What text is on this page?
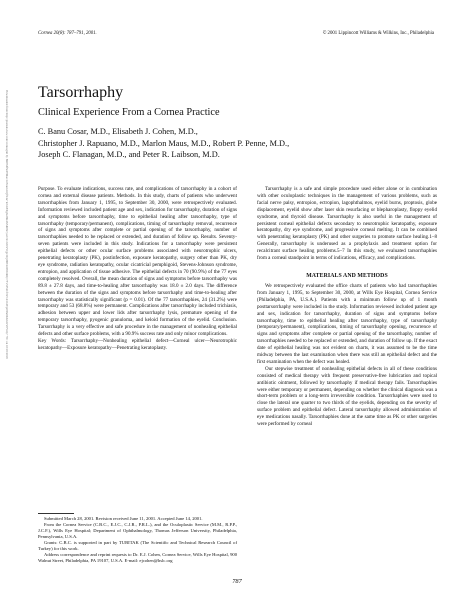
Cornea 20(8): 787–791, 2001.	© 2001 Lippincott Williams & Wilkins, Inc., Philadelphia
Downloaded from http://journals.lww.com/corneajrnl by BhDMf5ePHKav1zEoum1tQfN4a+kJLhEZgbsIHo4XMi0hCywCX1AWnYQp/IlQrHD3i3D0OdRyi7TvSFl4Cf3VC4/OAVpDDa8KKGKV0Ymy+78= on 10/19/2018 Tarsorrhaphy
Clinical Experience From a Cornea Practice
C. Banu Cosar, M.D., Elisabeth J. Cohen, M.D.,
Christopher J. Rapuano, M.D., Marlon Maus, M.D., Robert P. Penne, M.D.,
Joseph C. Flanagan, M.D., and Peter R. Laibson, M.D.

Purpose. To evaluate indications, success rate, and complications of tarsorrhaphy in a cohort of cornea and external disease patients. Methods. In this study, charts of patients who underwent tarsorrhaphies from January 1, 1995, to September 30, 2000, were retrospectively evaluated. Information reviewed included patient age and sex, indication for tarsorrhaphy, duration of signs and symptoms before tarsorrhaphy, time to epithelial healing after tarsorrhaphy, type of tarsorrhaphy (temporary/permanent), complications, timing of tarsorrhaphy removal, recurrence of signs and symptoms after complete or partial opening of the tarsorrhaphy, number of tarsorrhaphies needed to be replaced or extended, and duration of follow up. Results. Seventy-seven patients were included in this study. Indications for a tarsorrhaphy were persistent epithelial defects or other ocular surface problems associated with neurotrophic ulcers, penetrating keratoplasty (PK), postinfection, exposure keratopathy, surgery other than PK, dry eye syndrome, radiation keratopathy, ocular cicatricial pemphigoid, Stevens-Johnson syndrome, entropion, and application of tissue adhesive. The epithelial defects in 70 (90.9%) of the 77 eyes completely resolved. Overall, the mean duration of signs and symptoms before tarsorrhaphy was 89.8 ± 27.8 days, and time-to-healing after tarsorrhaphy was 18.0 ± 2.0 days. The difference between the duration of the signs and symptoms before tarsorrhaphy and time-to-healing after tarsorrhaphy was statistically significant (p = 0.01). Of the 77 tarsorrhaphies, 24 (31.2%) were temporary and 53 (68.8%) were permanent. Complications after tarsorrhaphy included trichiasis, adhesion between upper and lower lids after tarsorrhaphy lysis, premature opening of the temporary tarsorrhaphy, pyogenic granuloma, and keloid formation of the eyelid. Conclusion. Tarsorrhaphy is a very effective and safe procedure in the management of nonhealing epithelial defects and other surface problems, with a 90.9% success rate and only minor complications.

Key Words: Tarsorrhaphy—Nonhealing epithelial defect—Corneal ulcer—Neurotrophic keratopathy—Exposure keratopathy—Penetrating keratoplasty.

Submitted March 28, 2001. Revision received June 11, 2001. Accepted June 14, 2001.

From the Cornea Service (C.B.C., E.J.C., C.J.R., P.R.L.), and the Oculoplastic Service (M.M., R.P.P., J.C.F.), Wills Eye Hospital; Department of Ophthalmology, Thomas Jefferson University, Philadelphia, Pennsylvania, U.S.A.

Grants: C.B.C. is supported in part by TUBITAK (The Scientific and Technical Research Council of Turkey) for this work.

Address correspondence and reprint requests to Dr. E.J. Cohen, Cornea Service, Wills Eye Hospital, 900 Walnut Street, Philadelphia, PA 19107, U.S.A. E-mail: ejcohen@hslc.org

Tarsorrhaphy is a safe and simple procedure used either alone or in combination with other oculoplastic techniques in the management of various problems, such as facial nerve palsy, entropion, ectropion, lagophthalmos, eyelid burns, proptosis, globe displacement, eyelid show after laser skin resurfacing or blepharoplasty, floppy eyelid syndrome, and thyroid disease. Tarsorrhaphy is also useful in the management of persistent corneal epithelial defects secondary to neurotrophic keratopathy, exposure keratopathy, dry eye syndrome, and progressive corneal melting. It can be combined with penetrating keratoplasty (PK) and other surgeries to promote surface healing.1–8 Generally, tarsorrhaphy is underused as a prophylaxis and treatment option for recalcitrant surface healing problems.5–7 In this study, we evaluated tarsorrhaphies from a corneal standpoint in terms of indications, efficacy, and complications.

MATERIALS AND METHODS

We retrospectively evaluated the office charts of patients who had tarsorrhaphies from January 1, 1995, to September 30, 2000, at Wills Eye Hospital, Cornea Service (Philadelphia, PA, U.S.A.). Patients with a minimum follow up of 1 month posttarsorrhaphy were included in the study. Information reviewed included patient age and sex, indication for tarsorrhaphy, duration of signs and symptoms before tarsorrhaphy, time to epithelial healing after tarsorrhaphy, type of tarsorrhaphy (temporary/permanent), complications, timing of tarsorrhaphy opening, recurrence of signs and symptoms after complete or partial opening of the tarsorrhaphy, number of tarsorrhaphies needed to be replaced or extended, and duration of follow up. If the exact date of epithelial healing was not evident on charts, it was assumed to be the time midway between the last examination when there was still an epithelial defect and the first examination when the defect was healed.

Our stepwise treatment of nonhealing epithelial defects in all of these conditions consisted of medical therapy with frequent preservative-free lubrication and topical antibiotic ointment, followed by tarsorrhaphy if medical therapy fails. Tarsorrhaphies were either temporary or permanent, depending on whether the clinical diagnosis was a short-term problem or a long-term irreversible condition. Tarsorrhaphies were used to close the lateral one quarter to two thirds of the eyelids, depending on the severity of surface problem and epithelial defect. Lateral tarsorrhaphy allowed administration of eye medications nasally. Tarsorrhaphies done at the same time as PK or other surgeries were performed by corneal

787
